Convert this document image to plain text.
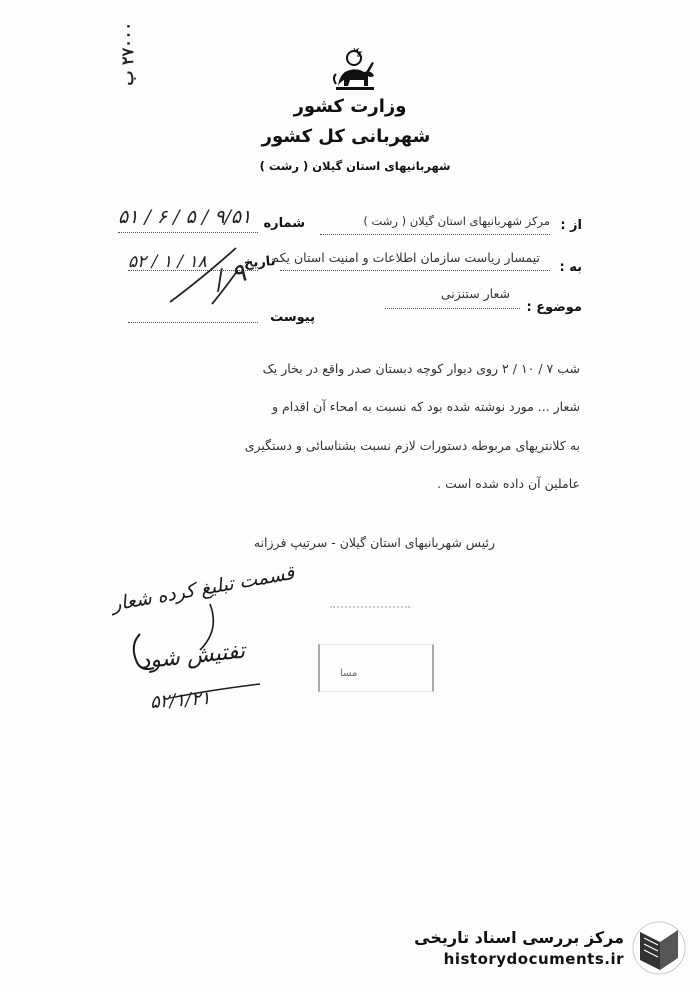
وزارت کشور
شهربانی کل کشور
شهربانیهای استان گیلان ( رشت )
۲۷۰۰۰ ب
از :
مرکز شهربانیهای استان گیلان ( رشت )
شماره
۹/۵۱ / ۵ / ۶ / ۵۱
به :
تیمسار ریاست سازمان اطلاعات و امنیت استان یکم
تاریخ
۱۸ / ۱ / ۵۲
۹ /
موضوع :
شعار ستنزنی
پیوست
شب ۷ / ۱۰ / ۲ روی دیوار کوچه دبستان صدر واقع در بخار یک
شعار ... مورد نوشته شده بود که نسبت به امحاء آن اقدام و
به کلانتریهای مربوطه دستورات لازم نسبت بشناسائی و دستگیری
عاملین آن داده شده است .
رئیس شهربانیهای استان گیلان - سرتیپ فرزانه
قسمت تبلیغ کرده شعار
تفتیش شود
۵۲/۱/۲۱
مسا
مرکز بررسی اسناد تاریخی
historydocuments.ir
